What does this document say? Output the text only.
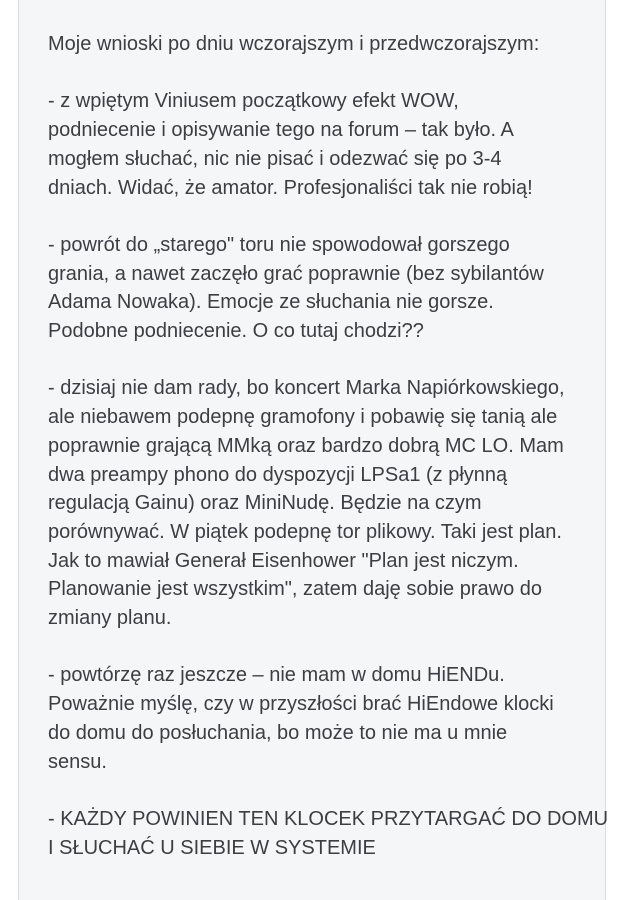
Moje wnioski po dniu wczorajszym i przedwczorajszym:

- z wpiętym Viniusem początkowy efekt WOW,
podniecenie i opisywanie tego na forum – tak było. A
mogłem słuchać, nic nie pisać i odezwać się po 3-4
dniach. Widać, że amator. Profesjonaliści tak nie robią!

- powrót do „starego" toru nie spowodował gorszego
grania, a nawet zaczęło grać poprawnie (bez sybilantów
Adama Nowaka). Emocje ze słuchania nie gorsze.
Podobne podniecenie. O co tutaj chodzi??

- dzisiaj nie dam rady, bo koncert Marka Napiórkowskiego,
ale niebawem podepnę gramofony i pobawię się tanią ale
poprawnie grającą MMką oraz bardzo dobrą MC LO. Mam
dwa preampy phono do dyspozycji LPSa1 (z płynną
regulacją Gainu) oraz MiniNudę. Będzie na czym
porównywać. W piątek podepnę tor plikowy. Taki jest plan.
Jak to mawiał Generał Eisenhower "Plan jest niczym.
Planowanie jest wszystkim", zatem daję sobie prawo do
zmiany planu.

- powtórzę raz jeszcze – nie mam w domu HiENDu.
Poważnie myślę, czy w przyszłości brać HiEndowe klocki
do domu do posłuchania, bo może to nie ma u mnie
sensu.

- KAŻDY POWINIEN TEN KLOCEK PRZYTARGAĆ DO DOMU
I SŁUCHAĆ U SIEBIE W SYSTEMIE
